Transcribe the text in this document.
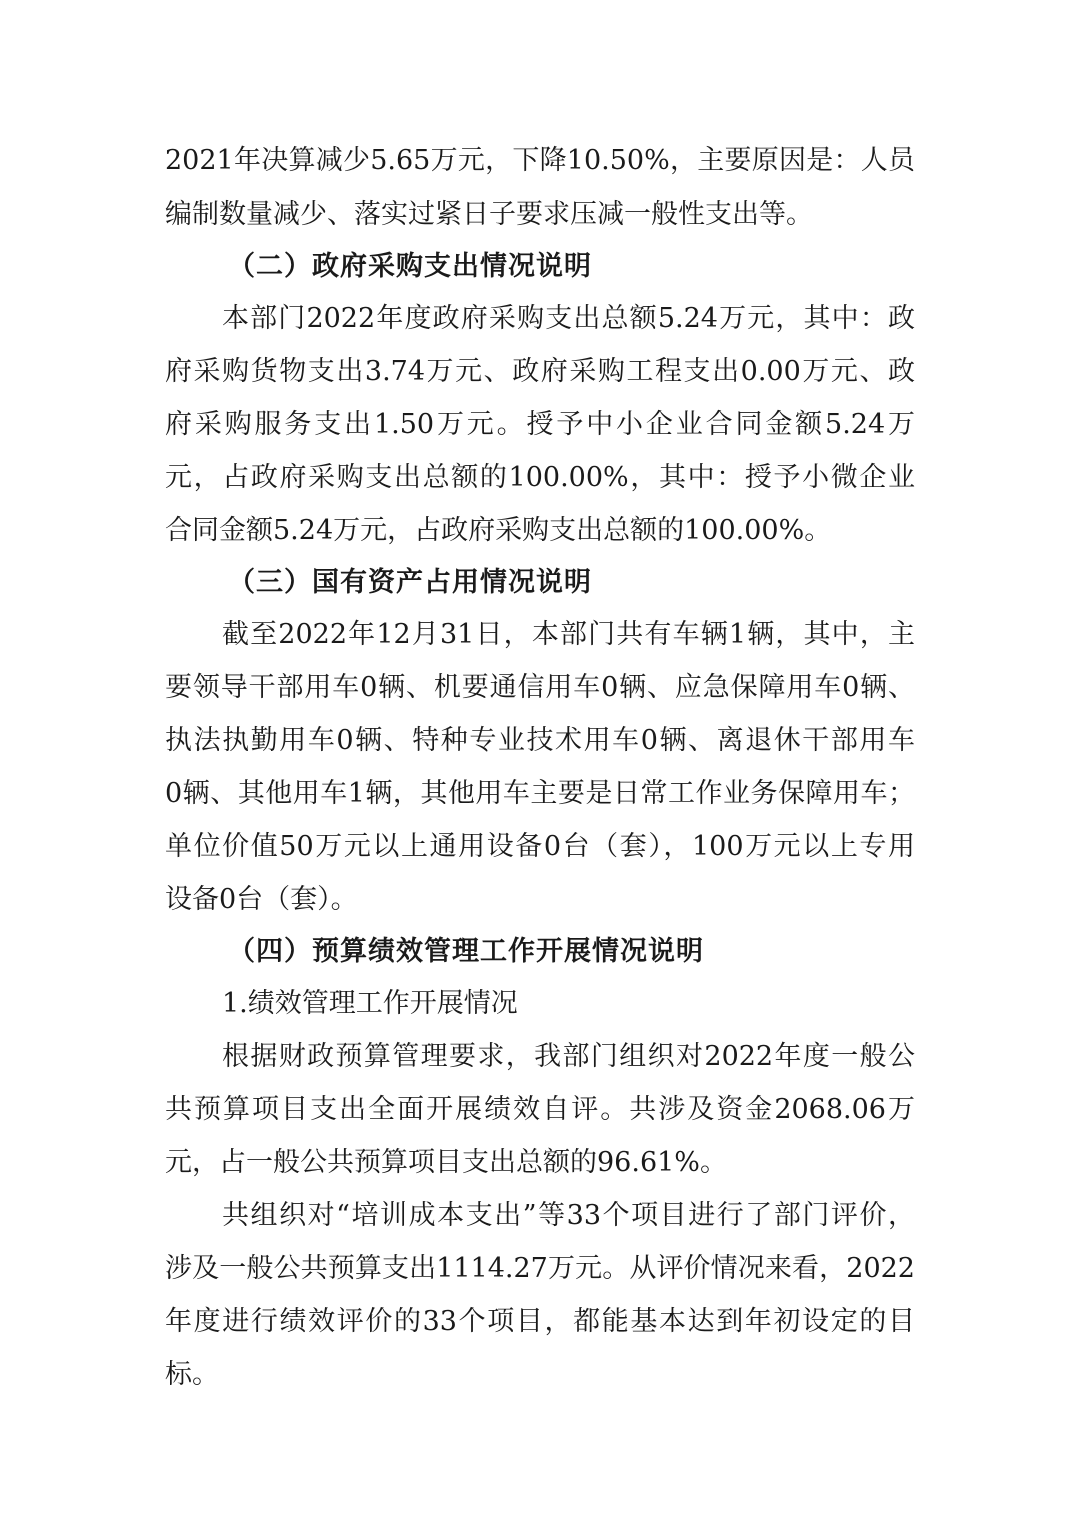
2021年决算减少5.65万元，下降10.50%，主要原因是：人员
编制数量减少、落实过紧日子要求压减一般性支出等。
（二）政府采购支出情况说明
本部门2022年度政府采购支出总额5.24万元，其中：政
府采购货物支出3.74万元、政府采购工程支出0.00万元、政
府采购服务支出1.50万元。授予中小企业合同金额5.24万
元，占政府采购支出总额的100.00%，其中：授予小微企业
合同金额5.24万元，占政府采购支出总额的100.00%。
（三）国有资产占用情况说明
截至2022年12月31日，本部门共有车辆1辆，其中，主
要领导干部用车0辆、机要通信用车0辆、应急保障用车0辆、
执法执勤用车0辆、特种专业技术用车0辆、离退休干部用车
0辆、其他用车1辆，其他用车主要是日常工作业务保障用车；
单位价值50万元以上通用设备0台（套），100万元以上专用
设备0台（套）。
（四）预算绩效管理工作开展情况说明
1.绩效管理工作开展情况
根据财政预算管理要求，我部门组织对2022年度一般公
共预算项目支出全面开展绩效自评。共涉及资金2068.06万
元，占一般公共预算项目支出总额的96.61%。
共组织对“培训成本支出”等33个项目进行了部门评价，
涉及一般公共预算支出1114.27万元。从评价情况来看，2022
年度进行绩效评价的33个项目，都能基本达到年初设定的目
标。
